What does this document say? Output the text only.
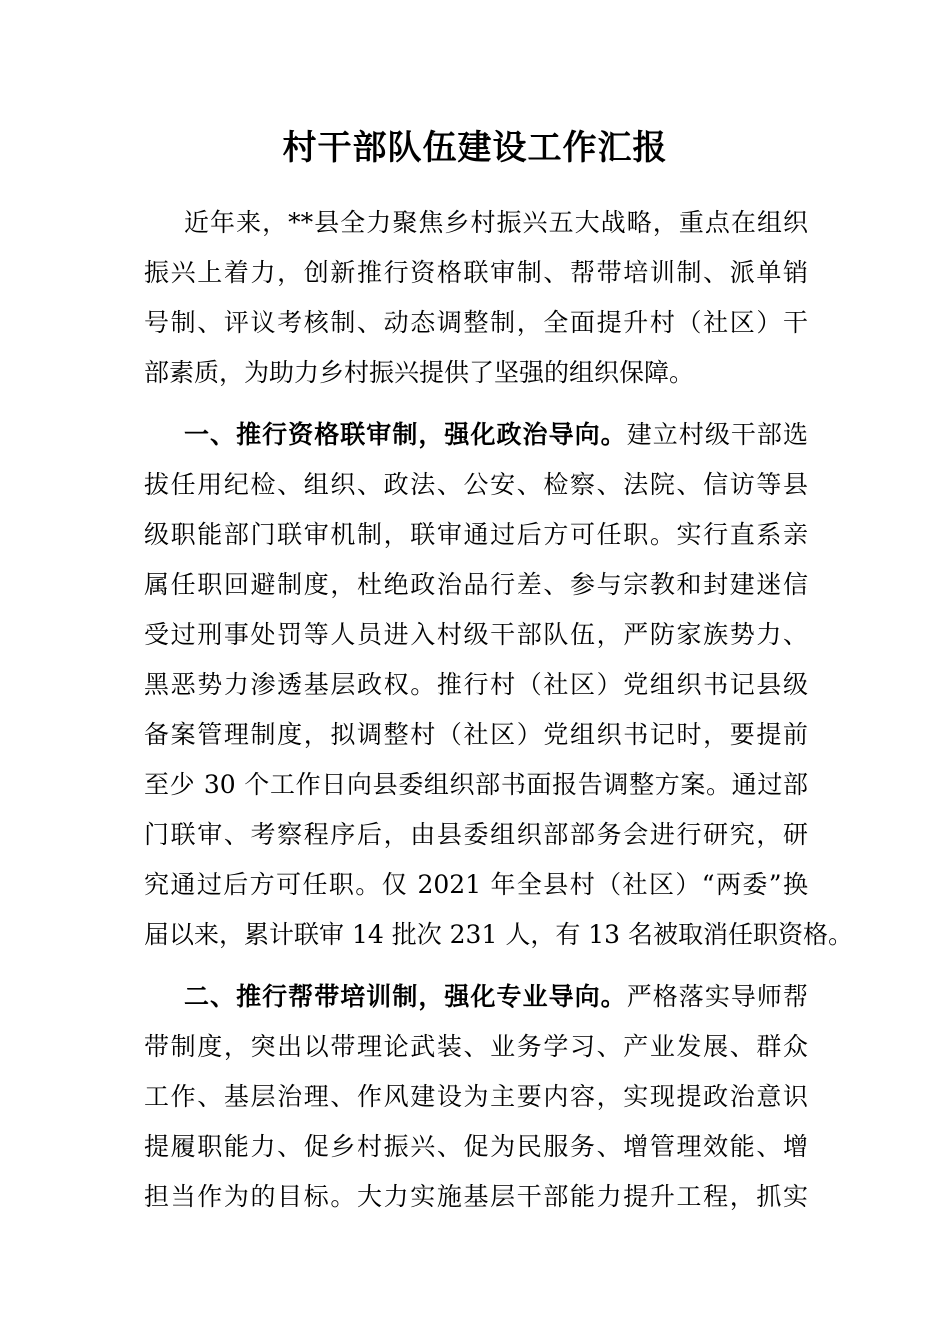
村干部队伍建设工作汇报

近年来，**县全力聚焦乡村振兴五大战略，重点在组织

振兴上着力，创新推行资格联审制、帮带培训制、派单销

号制、评议考核制、动态调整制，全面提升村（社区）干

部素质，为助力乡村振兴提供了坚强的组织保障。

一、推行资格联审制，强化政治导向。建立村级干部选

拔任用纪检、组织、政法、公安、检察、法院、信访等县

级职能部门联审机制，联审通过后方可任职。实行直系亲

属任职回避制度，杜绝政治品行差、参与宗教和封建迷信

受过刑事处罚等人员进入村级干部队伍，严防家族势力、

黑恶势力渗透基层政权。推行村（社区）党组织书记县级

备案管理制度，拟调整村（社区）党组织书记时，要提前

至少 30 个工作日向县委组织部书面报告调整方案。通过部

门联审、考察程序后，由县委组织部部务会进行研究，研

究通过后方可任职。仅 2021 年全县村（社区）“两委”换

届以来，累计联审 14 批次 231 人，有 13 名被取消任职资格。

二、推行帮带培训制，强化专业导向。严格落实导师帮

带制度，突出以带理论武装、业务学习、产业发展、群众

工作、基层治理、作风建设为主要内容，实现提政治意识

提履职能力、促乡村振兴、促为民服务、增管理效能、增

担当作为的目标。大力实施基层干部能力提升工程，抓实
